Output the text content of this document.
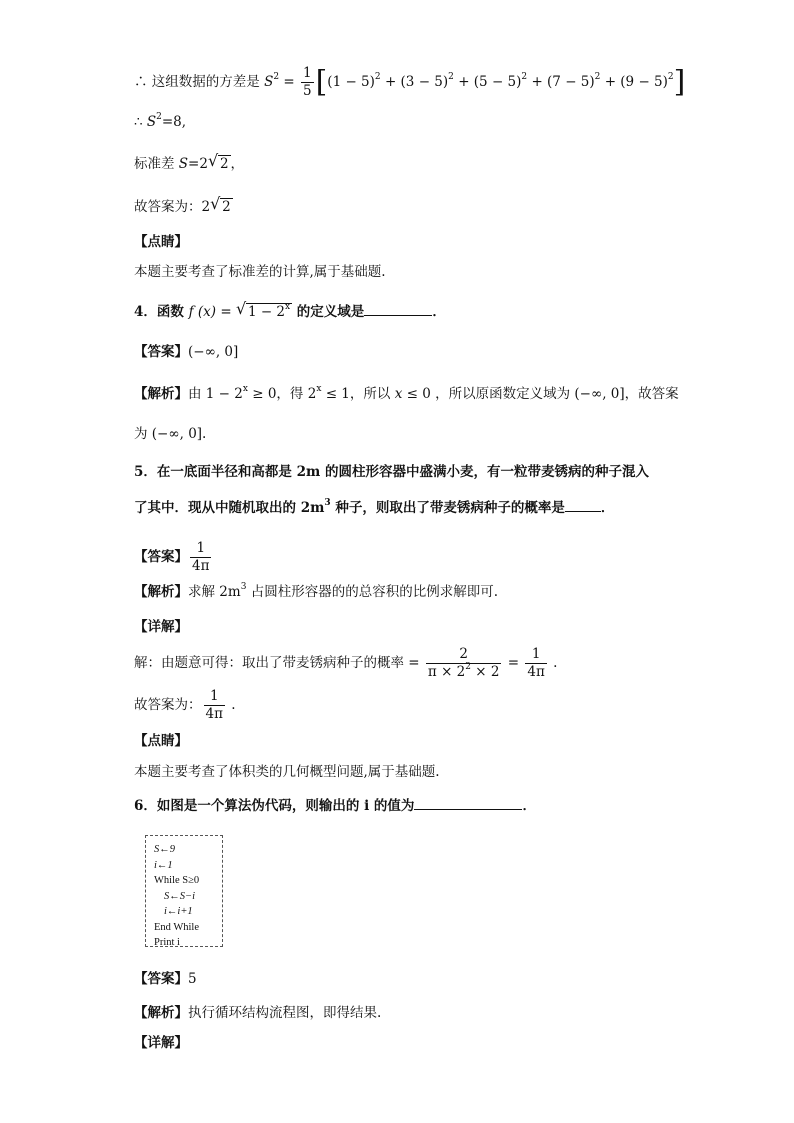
∴ 这组数据的方差是 $S^2 = \frac{1}{5} [(1 - 5)^2 + (3 - 5)^2 + (5 - 5)^2 + (7 - 5)^2 + (9 - 5)^2]$
∴ $S^2=8$,
标准差 S=2 √ 2 ，
故答案为：2 √ 2
【点睛】
本题主要考查了标准差的计算,属于基础题.
4．函数 f (x) = √ $1 - 2^x$ 的定义域是	．
【答案】(−∞, 0]
【解析】由 $1 - 2^x \ge 0$，得 $2^x \le 1$，所以 x ≤ 0 ，所以原函数定义域为 (−∞, 0]，故答案
为 (−∞, 0].
5．在一底面半径和高都是 2m 的圆柱形容器中盛满小麦，有一粒带麦锈病的种子混入
了其中．现从中随机取出的 $2m^3$ 种子，则取出了带麦锈病种子的概率是	．
【答案】 $\frac{1}{4\pi}$
【解析】求解 $2m^3$ 占圆柱形容器的的总容积的比例求解即可.
【详解】
解：由题意可得：取出了带麦锈病种子的概率 = $\frac{2}{\pi \times 2^2 \times 2} = \frac{1}{4\pi}$ .
故答案为： $\frac{1}{4\pi}$ .
【点睛】
本题主要考查了体积类的几何概型问题,属于基础题.
6．如图是一个算法伪代码，则输出的 i 的值为	．
S←9
i←1
While S≥0
S←S−i
i←i+1
End While
Print i
【答案】5
【解析】执行循环结构流程图，即得结果.
【详解】
